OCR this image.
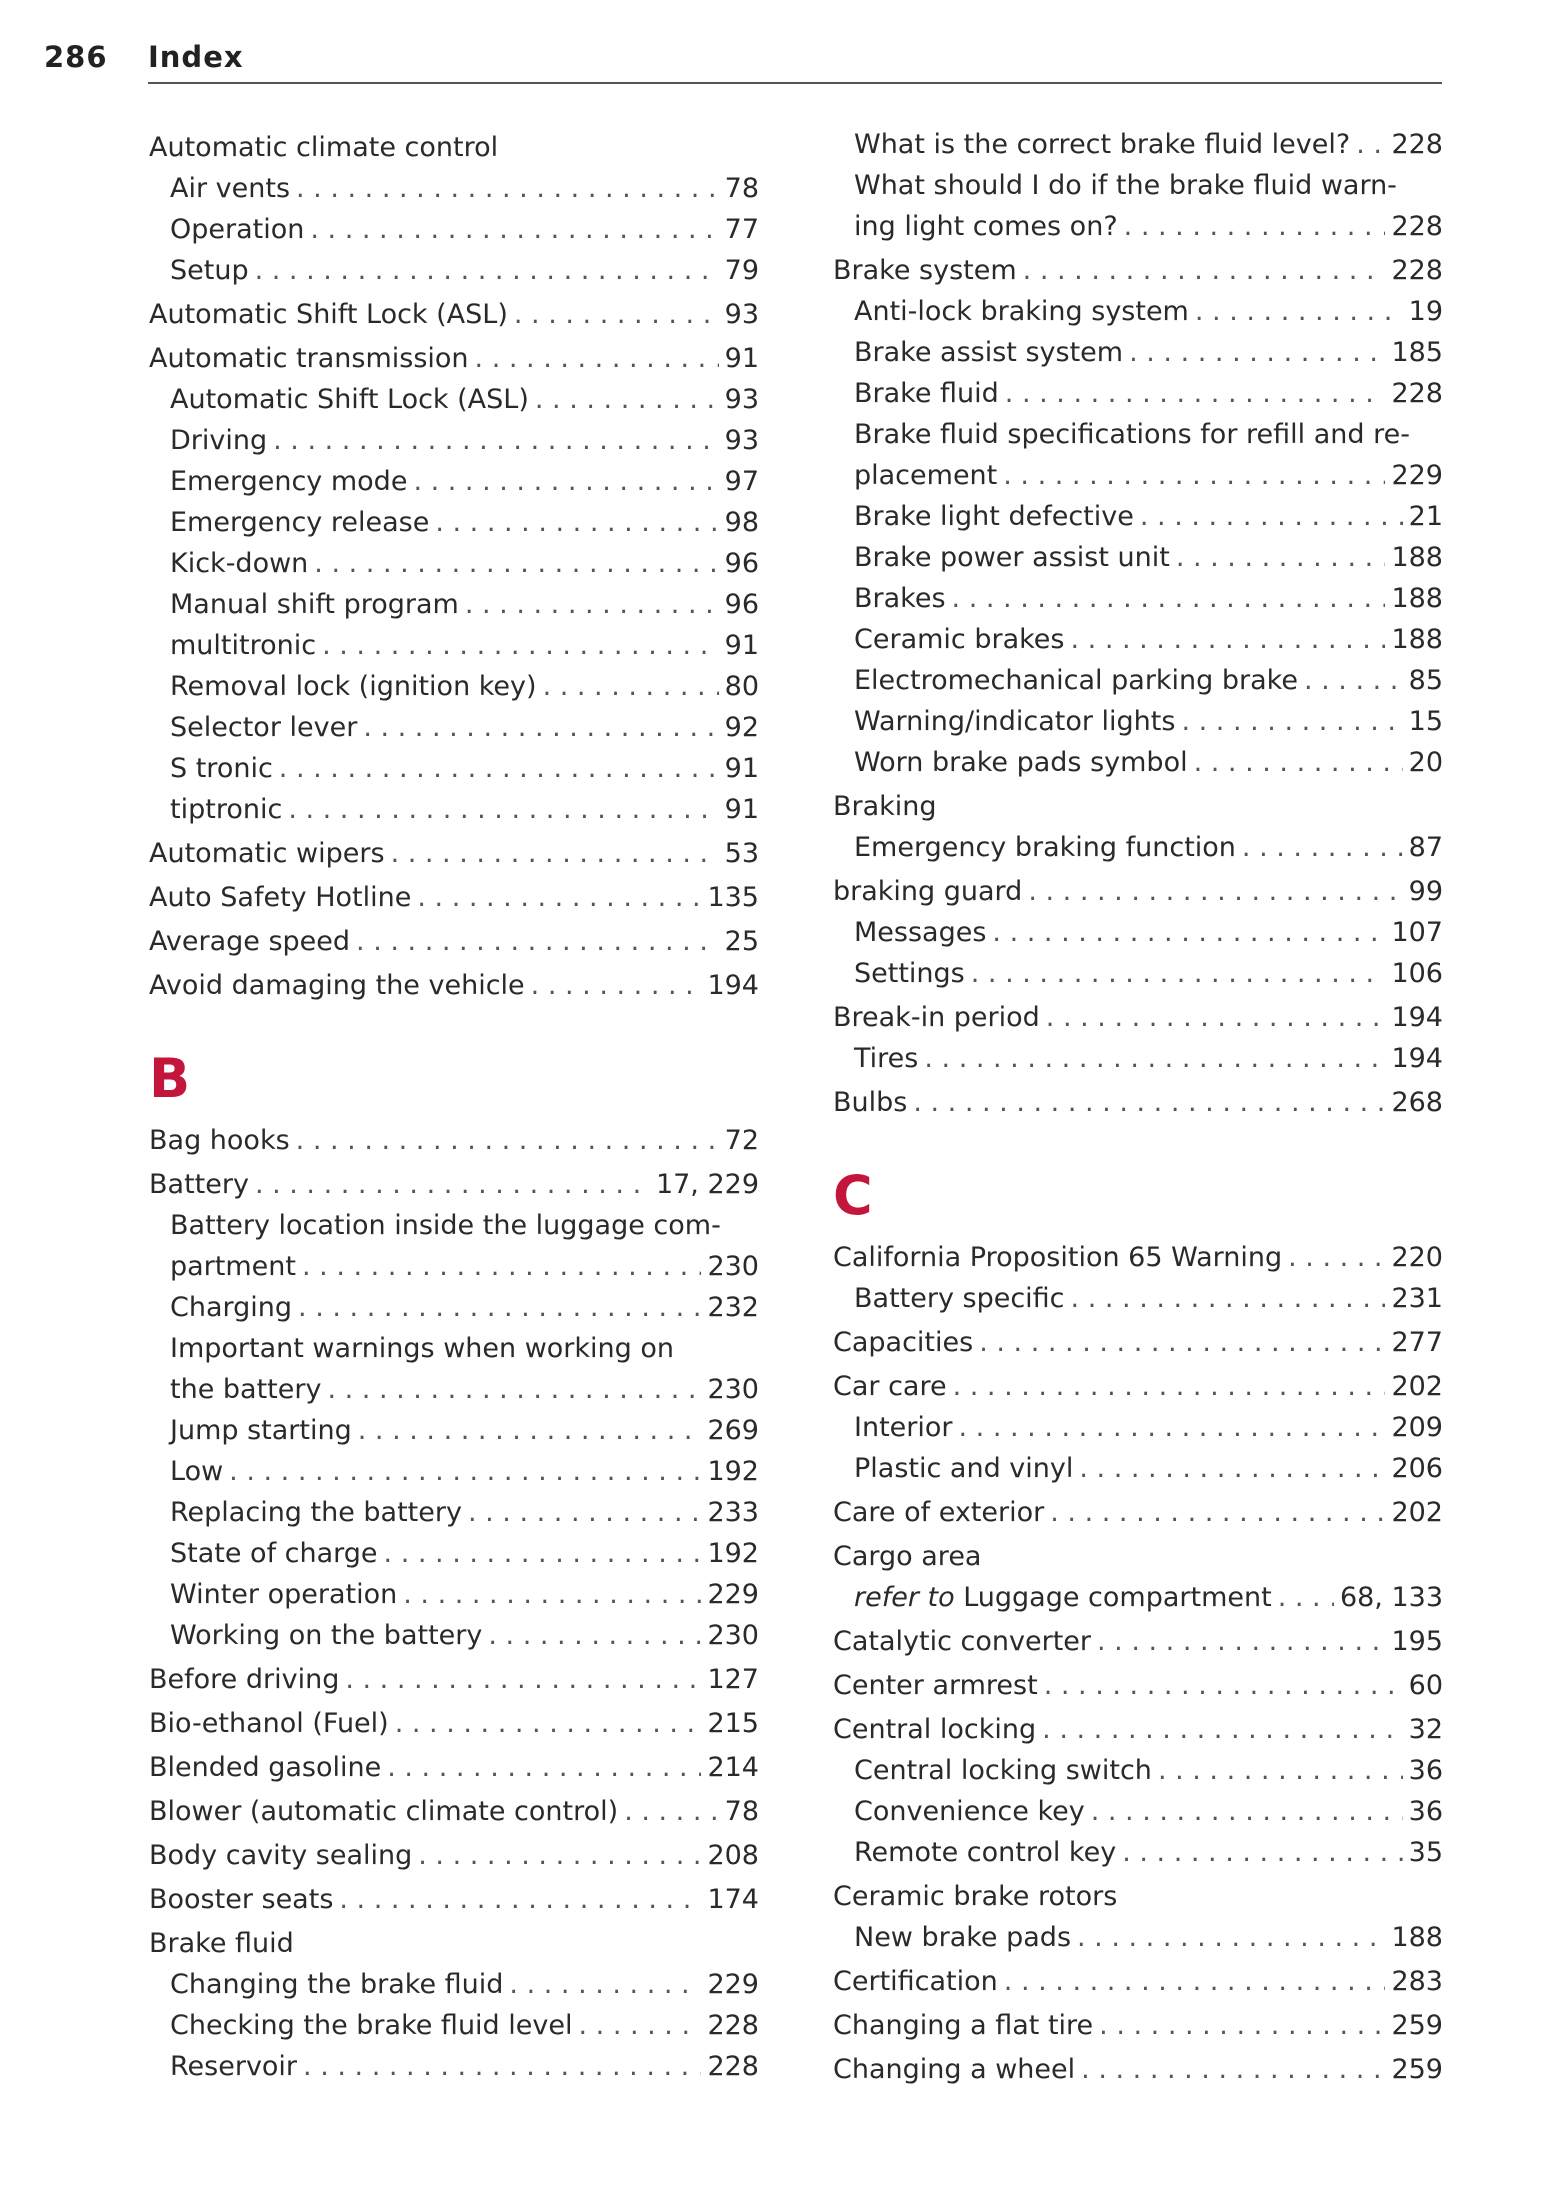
286 Index
Automatic climate control
Air vents . . .	78
Operation . . .	77
Setup . . .	79
Automatic Shift Lock (ASL) . . .	93
Automatic transmission . . .	91
Automatic Shift Lock (ASL) . . .	93
Driving . . .	93
Emergency mode . . .	97
Emergency release . . .	98
Kick-down . . .	96
Manual shift program . . .	96
multitronic . . .	91
Removal lock (ignition key) . . .	80
Selector lever . . .	92
S tronic . . .	91
tiptronic . . .	91
Automatic wipers . . .	53
Auto Safety Hotline . . .	135
Average speed . . .	25
Avoid damaging the vehicle . . .	194
B
Bag hooks . . .	72
Battery . . .	17, 229
Battery location inside the luggage com-
partment . . .	230
Charging . . .	232
Important warnings when working on
the battery . . .	230
Jump starting . . .	269
Low . . .	192
Replacing the battery . . .	233
State of charge . . .	192
Winter operation . . .	229
Working on the battery . . .	230
Before driving . . .	127
Bio-ethanol (Fuel) . . .	215
Blended gasoline . . .	214
Blower (automatic climate control) . . .	78
Body cavity sealing . . .	208
Booster seats . . .	174
Brake fluid
Changing the brake fluid . . .	229
Checking the brake fluid level . . .	228
Reservoir . . .	228
What is the correct brake fluid level? . . . 228
What should I do if the brake fluid warn-
ing light comes on? . . .	228
Brake system . . .	228
Anti-lock braking system . . .	19
Brake assist system . . .	185
Brake fluid . . .	228
Brake fluid specifications for refill and re-
placement . . .	229
Brake light defective . . .	21
Brake power assist unit . . .	188
Brakes . . .	188
Ceramic brakes . . .	188
Electromechanical parking brake . . .	85
Warning/indicator lights . . .	15
Worn brake pads symbol . . .	20
Braking
Emergency braking function . . .	87
braking guard . . .	99
Messages . . .	107
Settings . . .	106
Break-in period . . .	194
Tires . . .	194
Bulbs . . .	268
C
California Proposition 65 Warning . . .	220
Battery specific . . .	231
Capacities . . .	277
Car care . . .	202
Interior . . .	209
Plastic and vinyl . . .	206
Care of exterior . . .	202
Cargo area
refer to Luggage compartment . . .	68, 133
Catalytic converter . . .	195
Center armrest . . .	60
Central locking . . .	32
Central locking switch . . .	36
Convenience key . . .	36
Remote control key . . .	35
Ceramic brake rotors
New brake pads . . .	188
Certification . . .	283
Changing a flat tire . . .	259
Changing a wheel . . .	259
